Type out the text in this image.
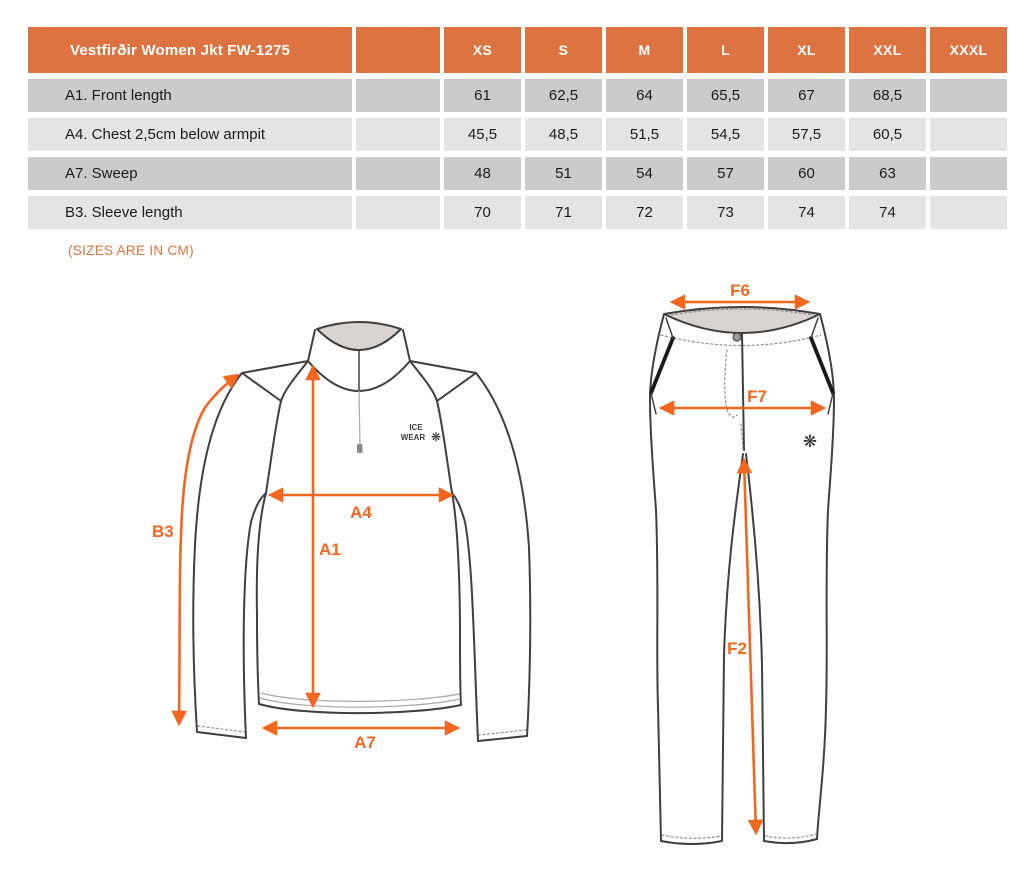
Vestfirðir Women Jkt FW-1275	XS	S	M	L	XL	XXL	XXXL
A1. Front length	61	62,5	64	65,5	67	68,5
A4. Chest 2,5cm below armpit	45,5	48,5	51,5	54,5	57,5	60,5
A7. Sweep	48	51	54	57	60	63
B3. Sleeve length	70	71	72	73	74	74
(SIZES ARE IN CM)
ICE
WEAR ❋
B3
A4
A1
A7
❋
F6
F7
F2
